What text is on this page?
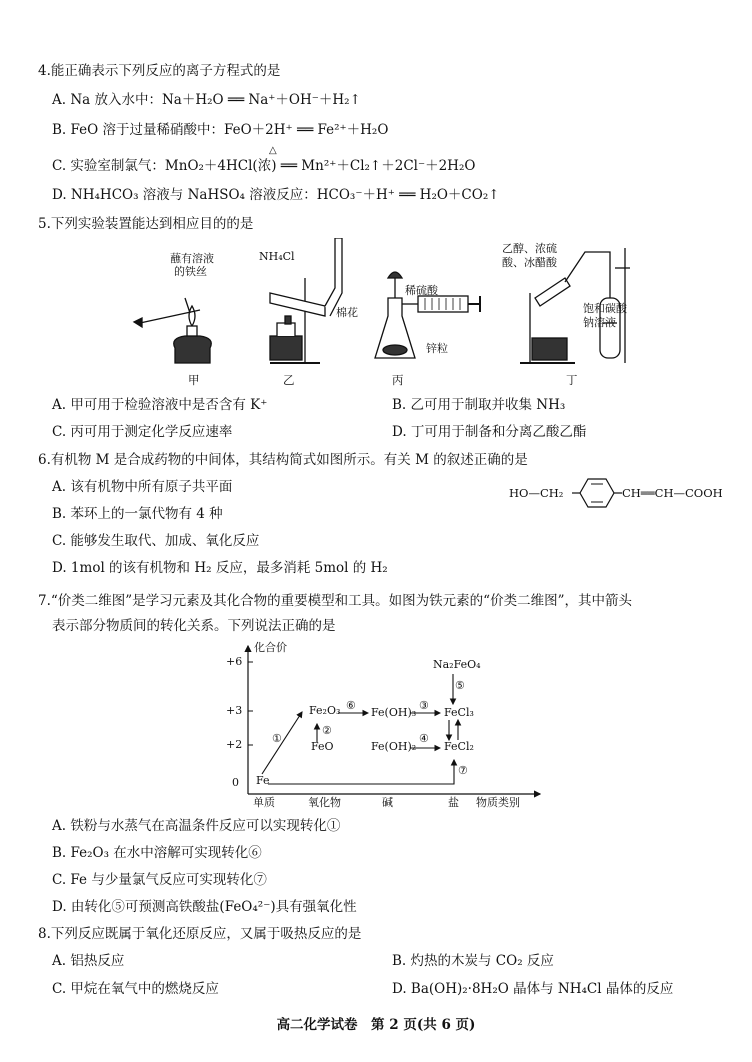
4.能正确表示下列反应的离子方程式的是
A. Na 放入水中：Na＋H₂O ══ Na⁺＋OH⁻＋H₂↑
B. FeO 溶于过量稀硝酸中：FeO＋2H⁺ ══ Fe²⁺＋H₂O
△
C. 实验室制氯气：MnO₂＋4HCl(浓) ══ Mn²⁺＋Cl₂↑＋2Cl⁻＋2H₂O
D. NH₄HCO₃ 溶液与 NaHSO₄ 溶液反应：HCO₃⁻＋H⁺ ══ H₂O＋CO₂↑
5.下列实验装置能达到相应目的的是
蘸有溶液
的铁丝
NH₄Cl
棉花
稀硫酸
锌粒
乙醇、浓硫
酸、冰醋酸
饱和碳酸
钠溶液
甲	乙	丙	丁
A. 甲可用于检验溶液中是否含有 K⁺	B. 乙可用于制取并收集 NH₃
C. 丙可用于测定化学反应速率	D. 丁可用于制备和分离乙酸乙酯
6.有机物 M 是合成药物的中间体，其结构简式如图所示。有关 M 的叙述正确的是
A. 该有机物中所有原子共平面
B. 苯环上的一氯代物有 4 种
C. 能够发生取代、加成、氧化反应
D. 1mol 的该有机物和 H₂ 反应，最多消耗 5mol 的 H₂
HO—CH₂	CH══CH—COOH
7.“价类二维图”是学习元素及其化合物的重要模型和工具。如图为铁元素的“价类二维图”，其中箭头
表示部分物质间的转化关系。下列说法正确的是
化合价
+6
+3
+2
0
单质	氧化物	碱	盐 物质类别
Fe
Fe₂O₃
FeO
Fe(OH)₃
Fe(OH)₂
FeCl₃
FeCl₂
Na₂FeO₄
①
②
③
④
⑤
⑥
⑦
A. 铁粉与水蒸气在高温条件反应可以实现转化①
B. Fe₂O₃ 在水中溶解可实现转化⑥
C. Fe 与少量氯气反应可实现转化⑦
D. 由转化⑤可预测高铁酸盐(FeO₄²⁻)具有强氧化性
8.下列反应既属于氧化还原反应，又属于吸热反应的是
A. 铝热反应	B. 灼热的木炭与 CO₂ 反应
C. 甲烷在氧气中的燃烧反应	D. Ba(OH)₂·8H₂O 晶体与 NH₄Cl 晶体的反应
高二化学试卷　第 2 页(共 6 页)
